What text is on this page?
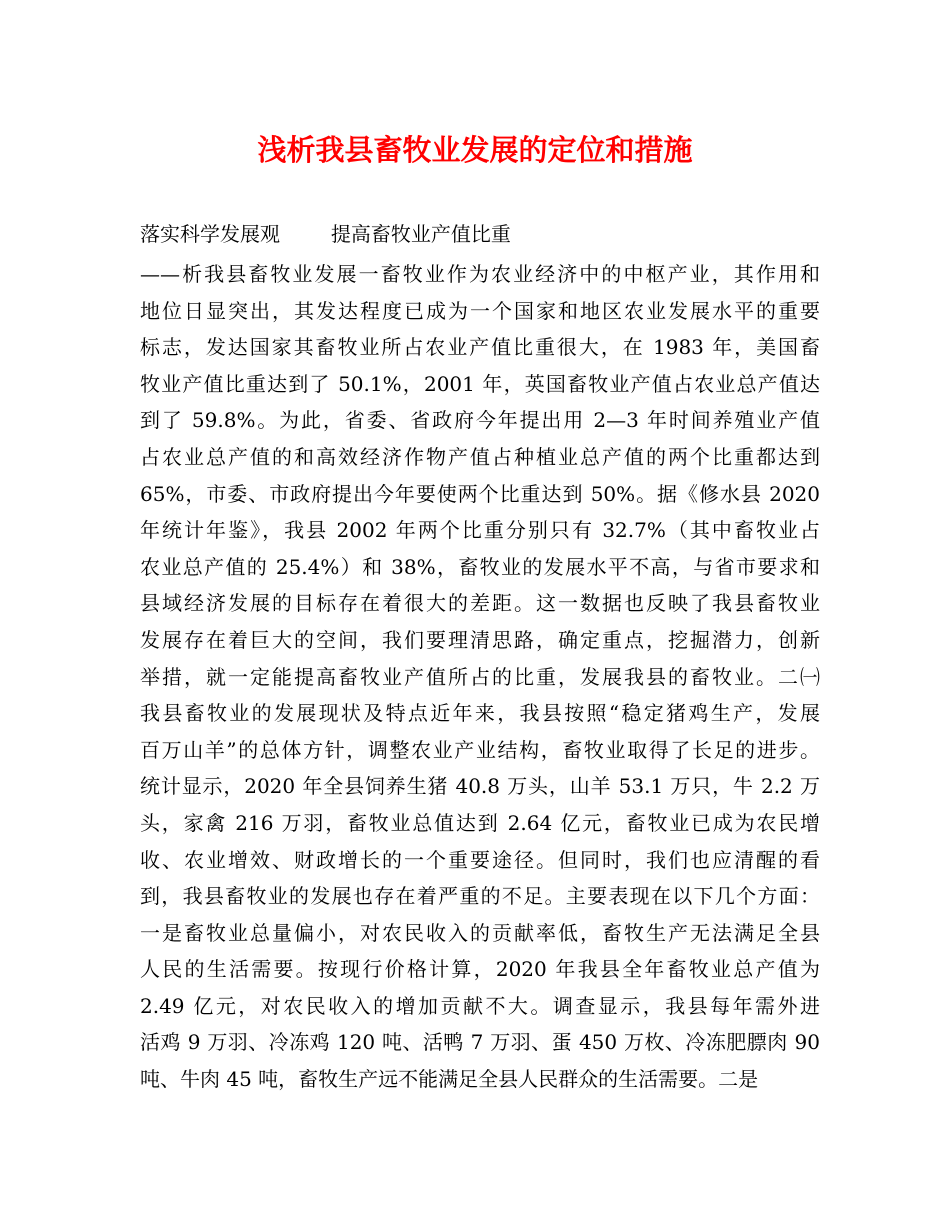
浅析我县畜牧业发展的定位和措施

落实科学发展观        提高畜牧业产值比重

——析我县畜牧业发展一畜牧业作为农业经济中的中枢产业，其作用和
地位日显突出，其发达程度已成为一个国家和地区农业发展水平的重要
标志，发达国家其畜牧业所占农业产值比重很大，在 1983 年，美国畜
牧业产值比重达到了 50.1%，2001 年，英国畜牧业产值占农业总产值达
到了 59.8%。为此，省委、省政府今年提出用 2—3 年时间养殖业产值
占农业总产值的和高效经济作物产值占种植业总产值的两个比重都达到
65%，市委、市政府提出今年要使两个比重达到 50%。据《修水县 2020
年统计年鉴》，我县 2002 年两个比重分别只有 32.7%（其中畜牧业占
农业总产值的 25.4%）和 38%，畜牧业的发展水平不高，与省市要求和
县域经济发展的目标存在着很大的差距。这一数据也反映了我县畜牧业
发展存在着巨大的空间，我们要理清思路，确定重点，挖掘潜力，创新
举措，就一定能提高畜牧业产值所占的比重，发展我县的畜牧业。二㈠
我县畜牧业的发展现状及特点近年来，我县按照“稳定猪鸡生产，发展
百万山羊”的总体方针，调整农业产业结构，畜牧业取得了长足的进步。
统计显示，2020 年全县饲养生猪 40.8 万头，山羊 53.1 万只，牛 2.2 万
头，家禽 216 万羽，畜牧业总值达到 2.64 亿元，畜牧业已成为农民增
收、农业增效、财政增长的一个重要途径。但同时，我们也应清醒的看
到，我县畜牧业的发展也存在着严重的不足。主要表现在以下几个方面：
一是畜牧业总量偏小，对农民收入的贡献率低，畜牧生产无法满足全县
人民的生活需要。按现行价格计算，2020 年我县全年畜牧业总产值为
2.49 亿元，对农民收入的增加贡献不大。调查显示，我县每年需外进
活鸡 9 万羽、冷冻鸡 120 吨、活鸭 7 万羽、蛋 450 万枚、冷冻肥膘肉 90
吨、牛肉 45 吨，畜牧生产远不能满足全县人民群众的生活需要。二是
